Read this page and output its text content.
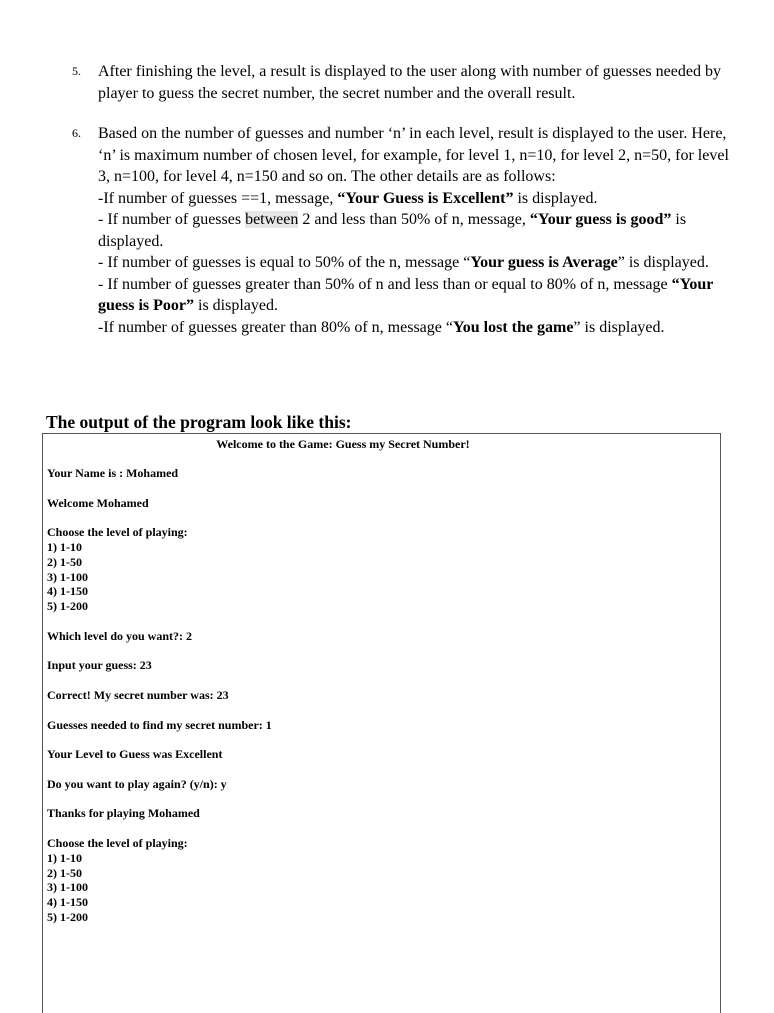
5. After finishing the level, a result is displayed to the user along with number of guesses needed by player to guess the secret number, the secret number and the overall result.

6. Based on the number of guesses and number ‘n’ in each level, result is displayed to the user. Here, ‘n’ is maximum number of chosen level, for example, for level 1, n=10, for level 2, n=50, for level 3, n=100, for level 4, n=150 and so on. The other details are as follows:

-If number of guesses ==1, message, “Your Guess is Excellent” is displayed.

- If number of guesses between 2 and less than 50% of n, message, “Your guess is good” is displayed.

- If number of guesses is equal to 50% of the n, message “Your guess is Average” is displayed.

- If number of guesses greater than 50% of n and less than or equal to 80% of n, message “Your guess is Poor” is displayed.

-If number of guesses greater than 80% of n, message “You lost the game” is displayed.

The output of the program look like this:
Welcome to the Game: Guess my Secret Number!
Your Name is : Mohamed
Welcome Mohamed
Choose the level of playing:
1) 1-10
2) 1-50
3) 1-100
4) 1-150
5) 1-200
Which level do you want?: 2
Input your guess: 23
Correct! My secret number was: 23
Guesses needed to find my secret number: 1
Your Level to Guess was Excellent
Do you want to play again? (y/n): y
Thanks for playing Mohamed
Choose the level of playing:
1) 1-10
2) 1-50
3) 1-100
4) 1-150
5) 1-200
